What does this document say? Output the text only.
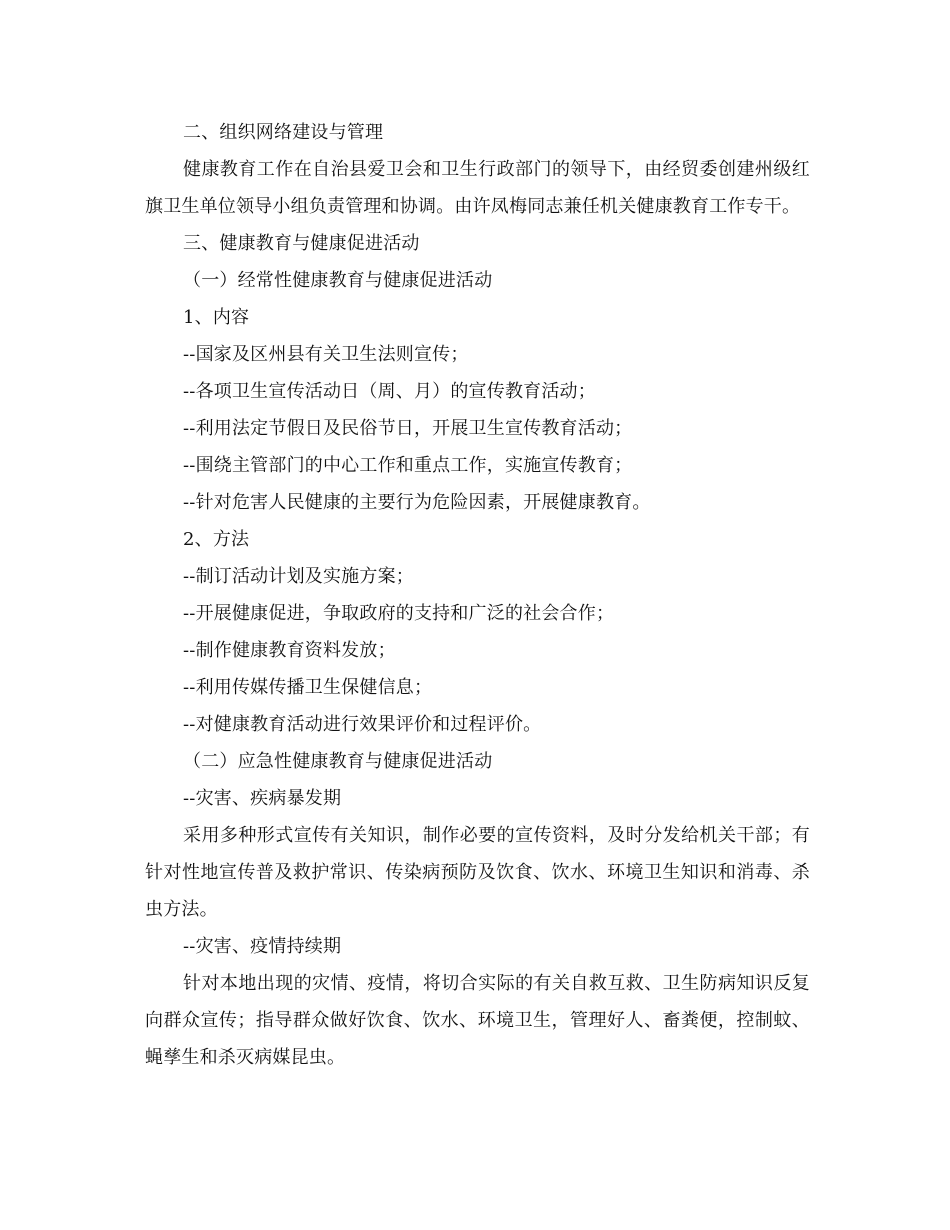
二、组织网络建设与管理

健康教育工作在自治县爱卫会和卫生行政部门的领导下，由经贸委创建州级红旗卫生单位领导小组负责管理和协调。由许凤梅同志兼任机关健康教育工作专干。

三、健康教育与健康促进活动

（一）经常性健康教育与健康促进活动

1、内容

--国家及区州县有关卫生法则宣传；

--各项卫生宣传活动日（周、月）的宣传教育活动；

--利用法定节假日及民俗节日，开展卫生宣传教育活动；

--围绕主管部门的中心工作和重点工作，实施宣传教育；

--针对危害人民健康的主要行为危险因素，开展健康教育。

2、方法

--制订活动计划及实施方案；

--开展健康促进，争取政府的支持和广泛的社会合作；

--制作健康教育资料发放；

--利用传媒传播卫生保健信息；

--对健康教育活动进行效果评价和过程评价。

（二）应急性健康教育与健康促进活动

--灾害、疾病暴发期

采用多种形式宣传有关知识，制作必要的宣传资料，及时分发给机关干部；有针对性地宣传普及救护常识、传染病预防及饮食、饮水、环境卫生知识和消毒、杀虫方法。

--灾害、疫情持续期

针对本地出现的灾情、疫情，将切合实际的有关自救互救、卫生防病知识反复向群众宣传；指导群众做好饮食、饮水、环境卫生，管理好人、畜粪便，控制蚊、蝇孳生和杀灭病媒昆虫。
